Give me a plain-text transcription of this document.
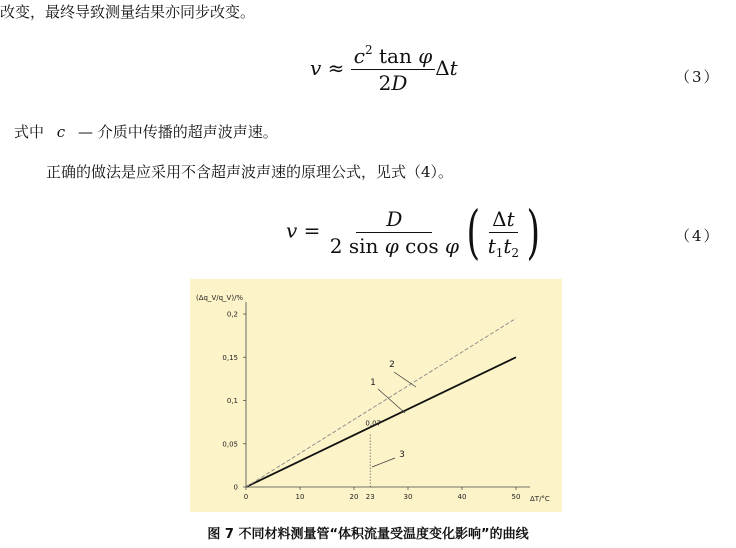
改变，最终导致测量结果亦同步改变。
$v \approx \frac{c^2 \tan \varphi}{2D}$ Δt	（3）
式中 c — 介质中传播的超声波声速。
正确的做法是应采用不含超声波声速的原理公式，见式（4）。
$v = \frac{D}{\text{2 sin φ cos φ}}$ ( $\frac{\Delta t}{t_1t_2}$ )	（4）
(Δq_V/q_V)/%
ΔT/°C
0	10	20	30	40	50
0
0,05
0,1
0,15
0,2
23
0,07
1
2
3
图 7 不同材料测量管“体积流量受温度变化影响”的曲线
